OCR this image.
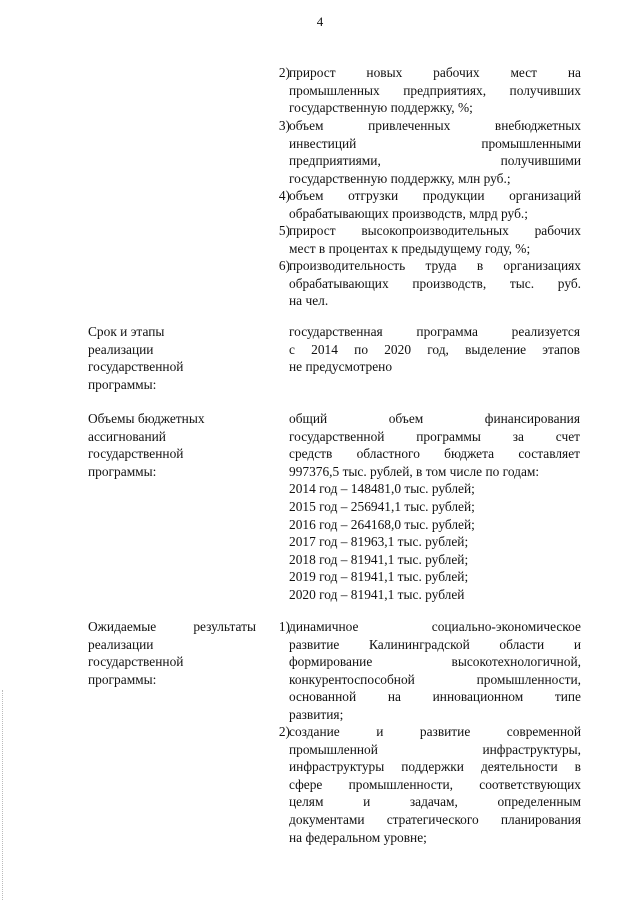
4
2) прирост новых рабочих мест на
промышленных предприятиях, получивших
государственную поддержку, %;
3) объем привлеченных внебюджетных
инвестиций промышленными
предприятиями, получившими
государственную поддержку, млн руб.;
4) объем отгрузки продукции организаций
обрабатывающих производств, млрд руб.;
5) прирост высокопроизводительных рабочих
мест в процентах к предыдущему году, %;
6) производительность труда в организациях
обрабатывающих производств, тыс. руб.
на чел.
Срок и этапы
реализации
государственной
программы:
государственная программа реализуется
с 2014 по 2020 год, выделение этапов
не предусмотрено
Объемы бюджетных
ассигнований
государственной
программы:
общий объем финансирования
государственной программы за счет
средств областного бюджета составляет
997376,5 тыс. рублей, в том числе по годам:
2014 год – 148481,0 тыс. рублей;
2015 год – 256941,1 тыс. рублей;
2016 год – 264168,0 тыс. рублей;
2017 год – 81963,1 тыс. рублей;
2018 год – 81941,1 тыс. рублей;
2019 год – 81941,1 тыс. рублей;
2020 год – 81941,1 тыс. рублей
Ожидаемые результаты
реализации
государственной
программы:
1) динамичное социально-экономическое
развитие Калининградской области и
формирование высокотехнологичной,
конкурентоспособной промышленности,
основанной на инновационном типе
развития;
2) создание и развитие современной
промышленной инфраструктуры,
инфраструктуры поддержки деятельности в
сфере промышленности, соответствующих
целям и задачам, определенным
документами стратегического планирования
на федеральном уровне;
